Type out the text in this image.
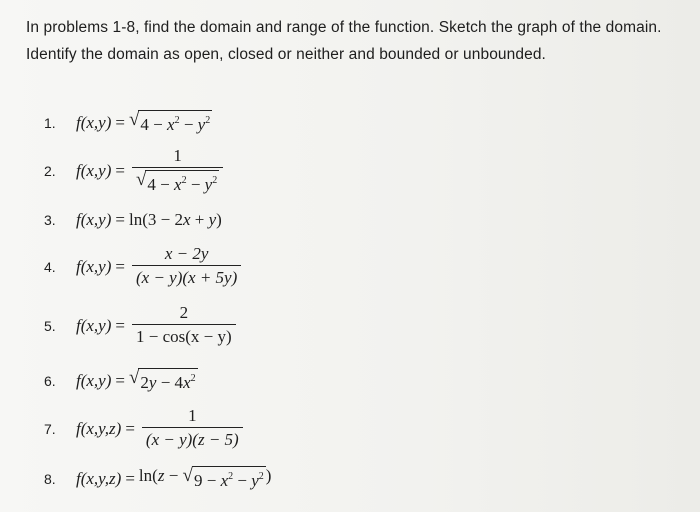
In problems 1-8, find the domain and range of the function. Sketch the graph of the domain.

Identify the domain as open, closed or neither and bounded or unbounded.

1.	f(x,y) = √ $4 - x^2 - y^2$
2.	$f(x,y) = \frac{1}{√ 4 - x^2 - y^2}$
3.	f(x,y) = ln(3 − 2x + y)
4.	$f(x,y) = \frac{x - 2y}{(x - y)(x + 5y)}$
5.	$f(x,y) = \frac{2}{1 - \cos(x - y)}$
6.	f(x,y) = √ $2y - 4x^2$
7.	$f(x,y,z) = \frac{1}{(x - y)(z - 5)}$
8.	f(x,y,z) = ln(z − √ $9 - x^2 - y^2$ )
